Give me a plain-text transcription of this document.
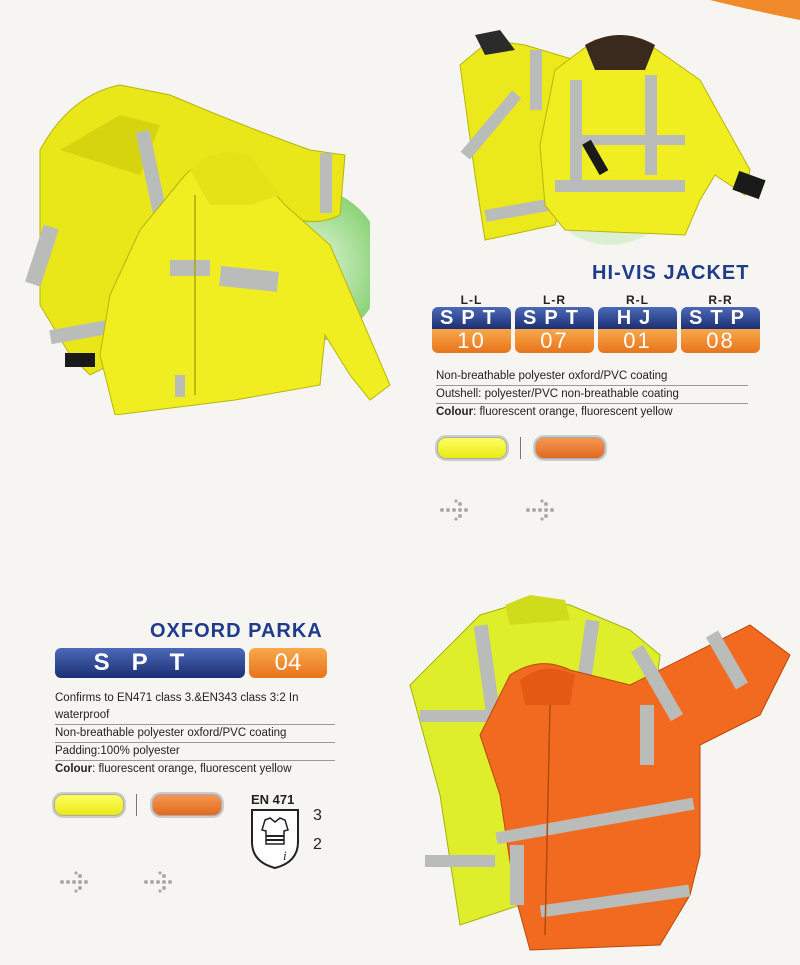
HI-VIS JACKET
L-L
SPT
10
L-R
SPT
07
R-L
HJ
01
R-R
STP
08
Non-breathable polyester oxford/PVC coating
Outshell: polyester/PVC non-breathable coating
Colour: fluorescent orange, fluorescent yellow
OXFORD PARKA
SPT	04
Confirms to EN471 class 3.&EN343 class 3:2 In waterproof
Non-breathable polyester oxford/PVC coating
Padding:100% polyester
Colour: fluorescent orange, fluorescent yellow
EN 471
i
3
2
